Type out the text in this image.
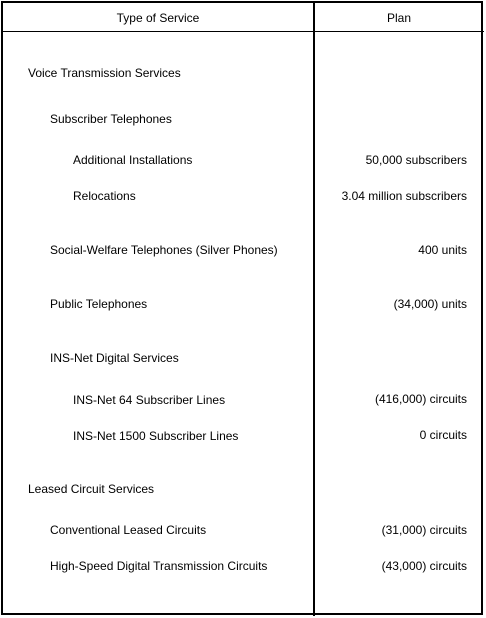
Type of Service	Plan
Voice Transmission Services
Subscriber Telephones
Additional Installations	50,000 subscribers
Relocations	3.04 million subscribers
Social-Welfare Telephones (Silver Phones)	400 units
Public Telephones	(34,000) units
INS-Net Digital Services
INS-Net 64 Subscriber Lines	(416,000) circuits
INS-Net 1500 Subscriber Lines	0 circuits
Leased Circuit Services
Conventional Leased Circuits	(31,000) circuits
High-Speed Digital Transmission Circuits	(43,000) circuits
